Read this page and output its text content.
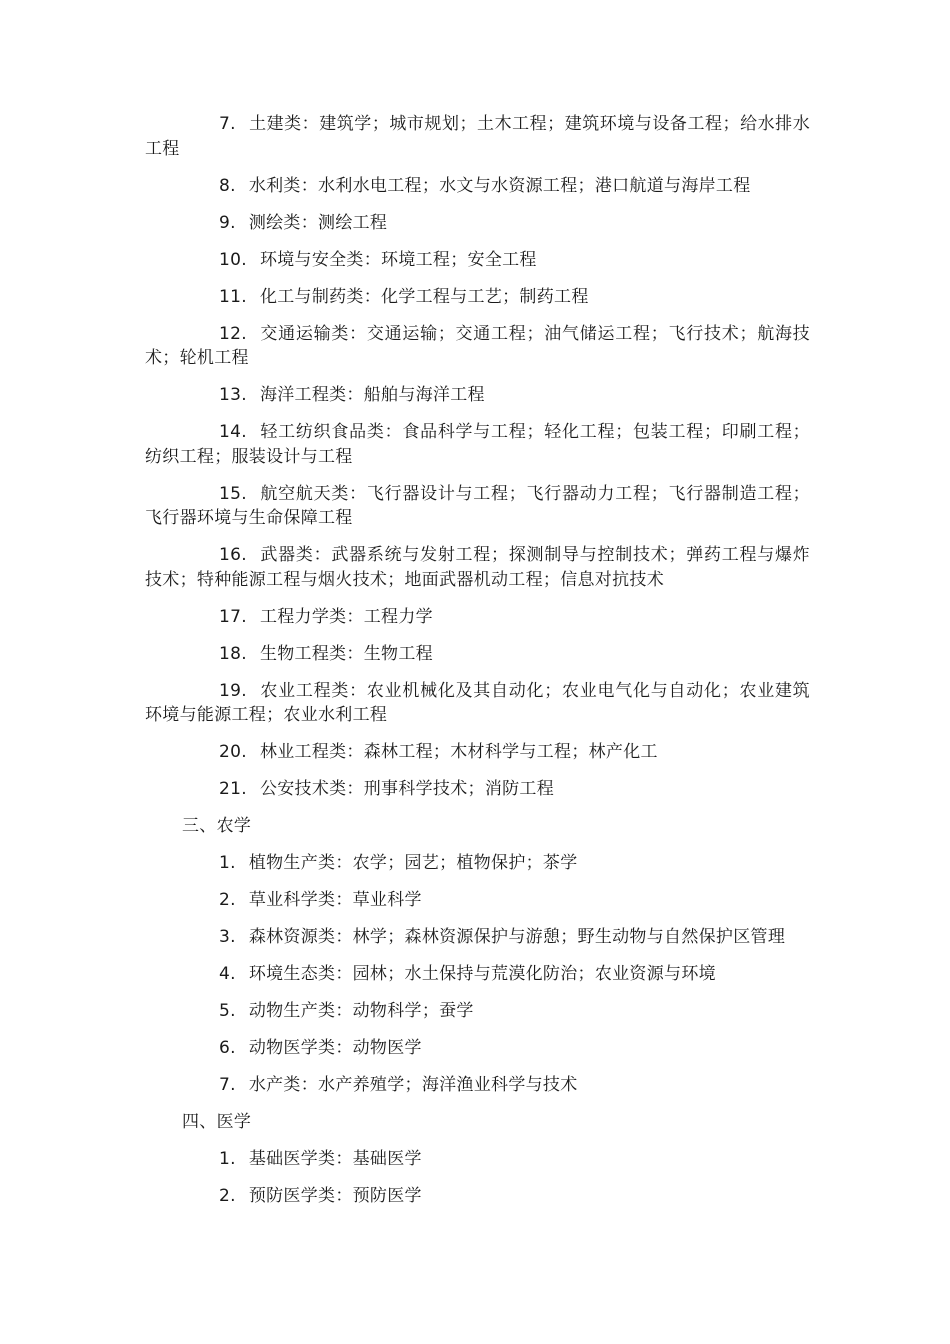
7. 土建类：建筑学；城市规划；土木工程；建筑环境与设备工程；给水排水工程

8. 水利类：水利水电工程；水文与水资源工程；港口航道与海岸工程

9. 测绘类：测绘工程

10. 环境与安全类：环境工程；安全工程

11. 化工与制药类：化学工程与工艺；制药工程

12. 交通运输类：交通运输；交通工程；油气储运工程；飞行技术；航海技术；轮机工程

13. 海洋工程类：船舶与海洋工程

14. 轻工纺织食品类：食品科学与工程；轻化工程；包装工程；印刷工程；纺织工程；服装设计与工程

15. 航空航天类：飞行器设计与工程；飞行器动力工程；飞行器制造工程；飞行器环境与生命保障工程

16. 武器类：武器系统与发射工程；探测制导与控制技术；弹药工程与爆炸技术；特种能源工程与烟火技术；地面武器机动工程；信息对抗技术

17. 工程力学类：工程力学

18. 生物工程类：生物工程

19. 农业工程类：农业机械化及其自动化；农业电气化与自动化；农业建筑环境与能源工程；农业水利工程

20. 林业工程类：森林工程；木材科学与工程；林产化工

21. 公安技术类：刑事科学技术；消防工程

三、农学

1. 植物生产类：农学；园艺；植物保护；茶学

2. 草业科学类：草业科学

3. 森林资源类：林学；森林资源保护与游憩；野生动物与自然保护区管理

4. 环境生态类：园林；水土保持与荒漠化防治；农业资源与环境

5. 动物生产类：动物科学；蚕学

6. 动物医学类：动物医学

7. 水产类：水产养殖学；海洋渔业科学与技术

四、医学

1. 基础医学类：基础医学

2. 预防医学类：预防医学
